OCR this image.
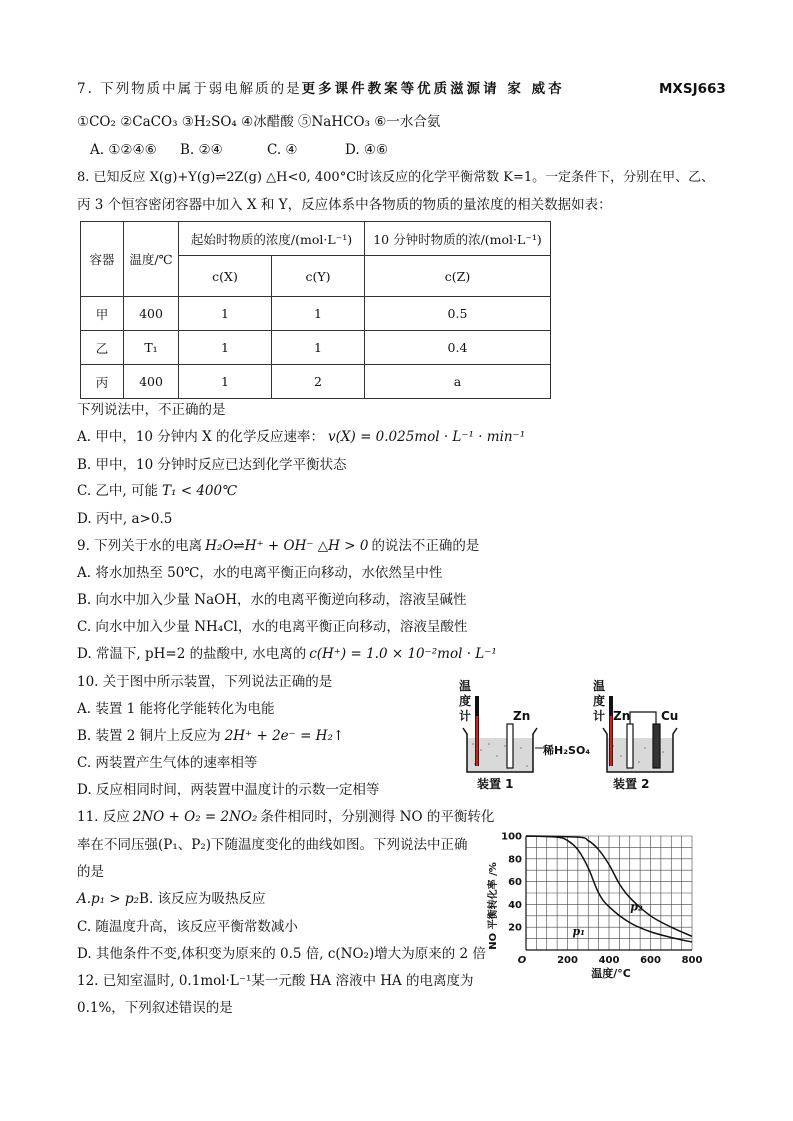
7. 下列物质中属于弱电解质的是更多课件教案等优质滋源请 家 威杏	MXSJ663
①CO₂ ②CaCO₃ ③H₂SO₄ ④冰醋酸 ⑤NaHCO₃ ⑥一水合氨
A. ①②④⑥ B. ②④	C. ④	D. ④⑥
8. 已知反应 X(g)+Y(g)⇌2Z(g) △H<0, 400°C时该反应的化学平衡常数 K=1。一定条件下，分别在甲、乙、
丙 3 个恒容密闭容器中加入 X 和 Y，反应体系中各物质的物质的量浓度的相关数据如表：
容器	温度/℃	起始时物质的浓度/(mol·L⁻¹)		10 分钟时物质的浓/(mol·L⁻¹)
		c(X)	c(Y)	c(Z)
甲	400	1	1	0.5
乙	T₁	1	1	0.4
丙	400	1	2	a
下列说法中，不正确的是
A. 甲中，10 分钟内 X 的化学反应速率： v(X) = 0.025mol · L⁻¹ · min⁻¹
B. 甲中，10 分钟时反应已达到化学平衡状态
C. 乙中, 可能 T₁ < 400℃
D. 丙中, a>0.5
9. 下列关于水的电离 H₂O⇌H⁺ + OH⁻ △H > 0 的说法不正确的是
A. 将水加热至 50℃，水的电离平衡正向移动，水依然呈中性
B. 向水中加入少量 NaOH，水的电离平衡逆向移动，溶液呈碱性
C. 向水中加入少量 NH₄Cl，水的电离平衡正向移动，溶液呈酸性
D. 常温下, pH=2 的盐酸中, 水电离的 c(H⁺) = 1.0 × 10⁻²mol · L⁻¹
10. 关于图中所示装置，下列说法正确的是
A. 装置 1 能将化学能转化为电能
B. 装置 2 铜片上反应为 2H⁺ + 2e⁻ = H₂↑
C. 两装置产生气体的速率相等
D. 反应相同时间，两装置中温度计的示数一定相等
温
度
计	Zn
稀H₂SO₄
装置 1
温
度
计 Zn	Cu
装置 2
11. 反应 2NO + O₂ = 2NO₂ 条件相同时，分别测得 NO 的平衡转化
率在不同压强(P₁、P₂)下随温度变化的曲线如图。下列说法中正确
的是
A.p₁ > p₂B. 该反应为吸热反应
C. 随温度升高，该反应平衡常数减小
D. 其他条件不变,体积变为原来的 0.5 倍, c(NO₂)增大为原来的 2 倍
12. 已知室温时, 0.1mol·L⁻¹某一元酸 HA 溶液中 HA 的电离度为
0.1%，下列叙述错误的是
O	200 400 600 800
20
40
60
80
100
p₁
p₂
NO 平衡转化率 /%
温度/°C
